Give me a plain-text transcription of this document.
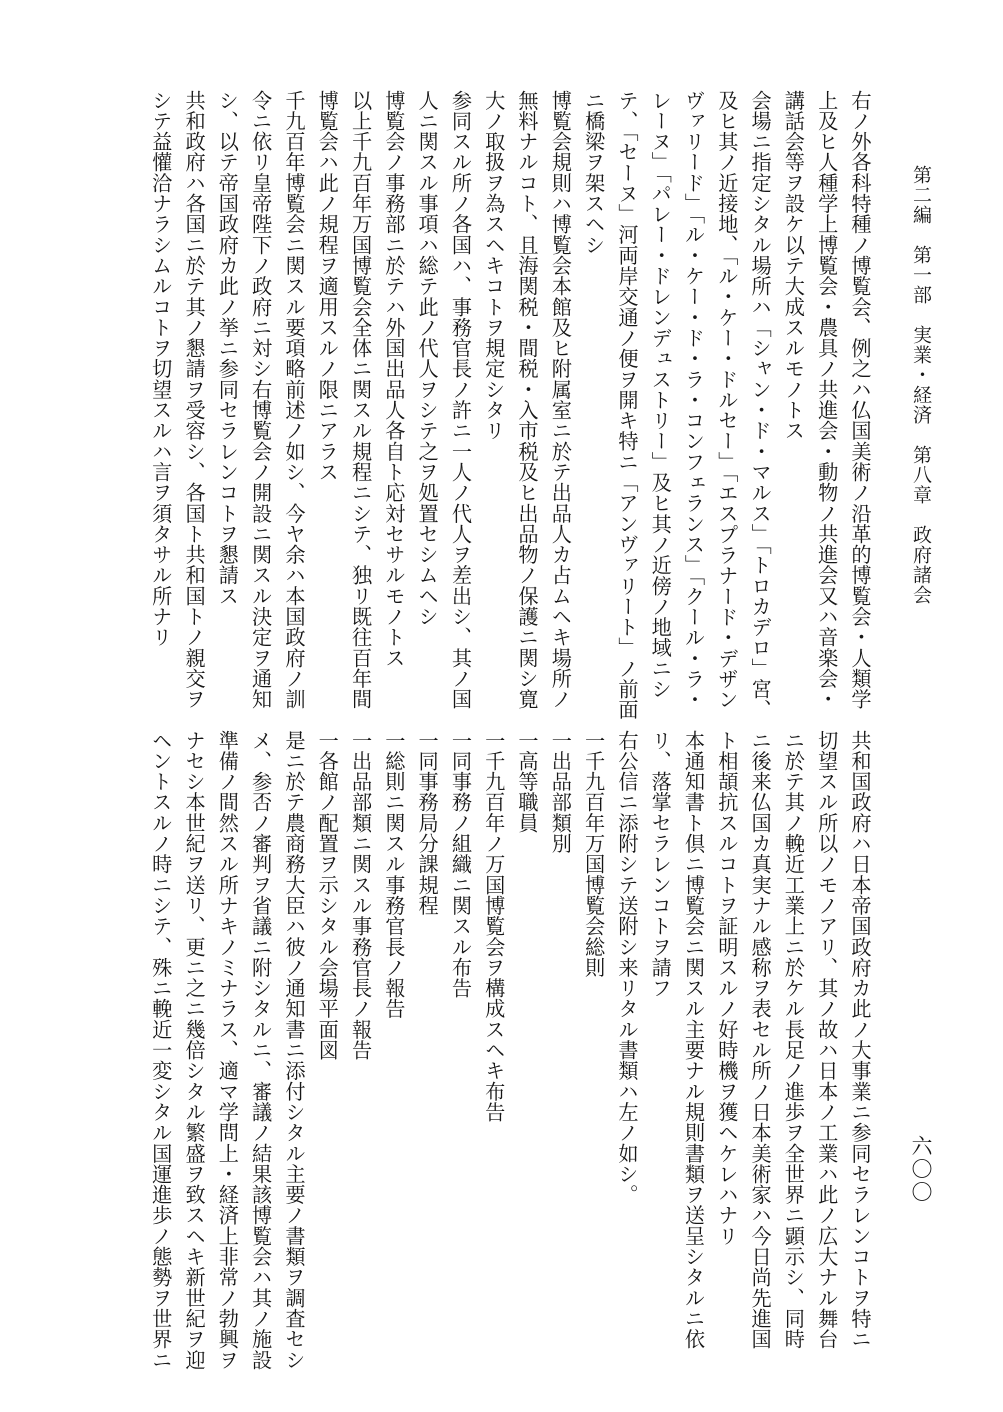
第二編　第一部　実業・経済　第八章　政府諸会
右ノ外各科特種ノ博覧会、例之ハ仏国美術ノ沿革的博覧会・人類学
上及ヒ人種学上博覧会・農具ノ共進会・動物ノ共進会又ハ音楽会・
講話会等ヲ設ケ以テ大成スルモノトス
会場ニ指定シタル場所ハ「シャン・ド・マルス」「トロカデロ」宮、
及ヒ其ノ近接地、「ル・ケー・ドルセー」「エスプラナード・デザン
ヴァリード」「ル・ケー・ド・ラ・コンフェランス」「クール・ラ・
レーヌ」「パレー・ドレンデュストリー」及ヒ其ノ近傍ノ地域ニシ
テ、「セーヌ」河両岸交通ノ便ヲ開キ特ニ「アンヴァリート」ノ前面
ニ橋梁ヲ架スヘシ
博覧会規則ハ博覧会本館及ヒ附属室ニ於テ出品人カ占ムヘキ場所ノ
無料ナルコト、且海関税・間税・入市税及ヒ出品物ノ保護ニ関シ寛
大ノ取扱ヲ為スヘキコトヲ規定シタリ
参同スル所ノ各国ハ、事務官長ノ許ニ一人ノ代人ヲ差出シ、其ノ国
人ニ関スル事項ハ総テ此ノ代人ヲシテ之ヲ処置セシムヘシ
博覧会ノ事務部ニ於テハ外国出品人各自ト応対セサルモノトス
以上千九百年万国博覧会全体ニ関スル規程ニシテ、独リ既往百年間
博覧会ハ此ノ規程ヲ適用スルノ限ニアラス
千九百年博覧会ニ関スル要項略前述ノ如シ、今ヤ余ハ本国政府ノ訓
令ニ依リ皇帝陛下ノ政府ニ対シ右博覧会ノ開設ニ関スル決定ヲ通知
シ、以テ帝国政府カ此ノ挙ニ参同セラレンコトヲ懇請ス
共和政府ハ各国ニ於テ其ノ懇請ヲ受容シ、各国ト共和国トノ親交ヲ
シテ益懽洽ナラシムルコトヲ切望スルハ言ヲ須タサル所ナリ
共和国政府ハ日本帝国政府カ此ノ大事業ニ参同セラレンコトヲ特ニ
切望スル所以ノモノアリ、其ノ故ハ日本ノ工業ハ此ノ広大ナル舞台
ニ於テ其ノ輓近工業上ニ於ケル長足ノ進歩ヲ全世界ニ顕示シ、同時
ニ後来仏国カ真実ナル感称ヲ表セル所ノ日本美術家ハ今日尚先進国
ト相頡抗スルコトヲ証明スルノ好時機ヲ獲ヘケレハナリ
本通知書ト倶ニ博覧会ニ関スル主要ナル規則書類ヲ送呈シタルニ依
リ、落掌セラレンコトヲ請フ
右公信ニ添附シテ送附シ来リタル書類ハ左ノ如シ。
一千九百年万国博覧会総則
一出品部類別
一高等職員
一千九百年ノ万国博覧会ヲ構成スヘキ布告
一同事務ノ組織ニ関スル布告
一同事務局分課規程
一総則ニ関スル事務官長ノ報告
一出品部類ニ関スル事務官長ノ報告
一各館ノ配置ヲ示シタル会場平面図
是ニ於テ農商務大臣ハ彼ノ通知書ニ添付シタル主要ノ書類ヲ調査セシ
メ、参否ノ審判ヲ省議ニ附シタルニ、審議ノ結果該博覧会ハ其ノ施設
準備ノ間然スル所ナキノミナラス、適マ学問上・経済上非常ノ勃興ヲ
ナセシ本世紀ヲ送リ、更ニ之ニ幾倍シタル繁盛ヲ致スヘキ新世紀ヲ迎
ヘントスルノ時ニシテ、殊ニ輓近一変シタル国運進歩ノ態勢ヲ世界ニ	六〇〇
